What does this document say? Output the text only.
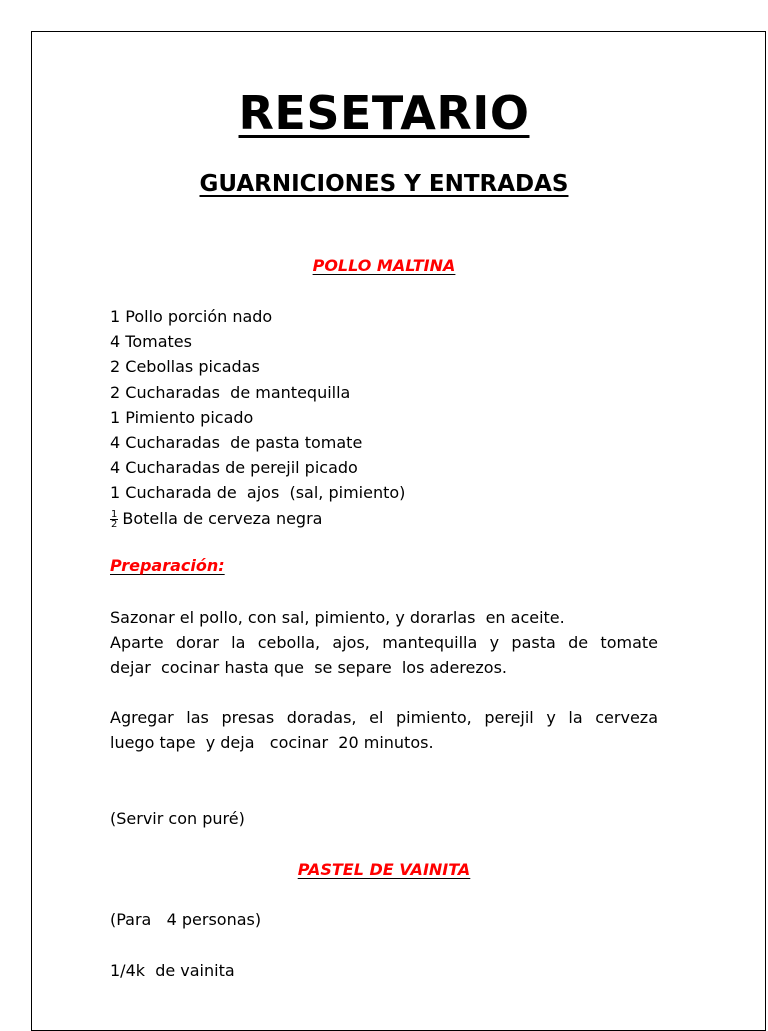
RESETARIO
GUARNICIONES Y ENTRADAS
POLLO MALTINA
1 Pollo porción nado
4 Tomates
2 Cebollas picadas
2 Cucharadas  de mantequilla
1 Pimiento picado
4 Cucharadas  de pasta tomate
4 Cucharadas de perejil picado
1 Cucharada de  ajos  (sal, pimiento)
$\frac{1}{2}$ Botella de cerveza negra
Preparación:
Sazonar el pollo, con sal, pimiento, y dorarlas  en aceite.
Aparte dorar la cebolla, ajos, mantequilla y pasta de tomate
dejar  cocinar hasta que  se separe  los aderezos.
Agregar las presas doradas, el pimiento, perejil y la cerveza
luego tape  y deja   cocinar  20 minutos.
(Servir con puré)
PASTEL DE VAINITA
(Para   4 personas)
1/4k  de vainita
